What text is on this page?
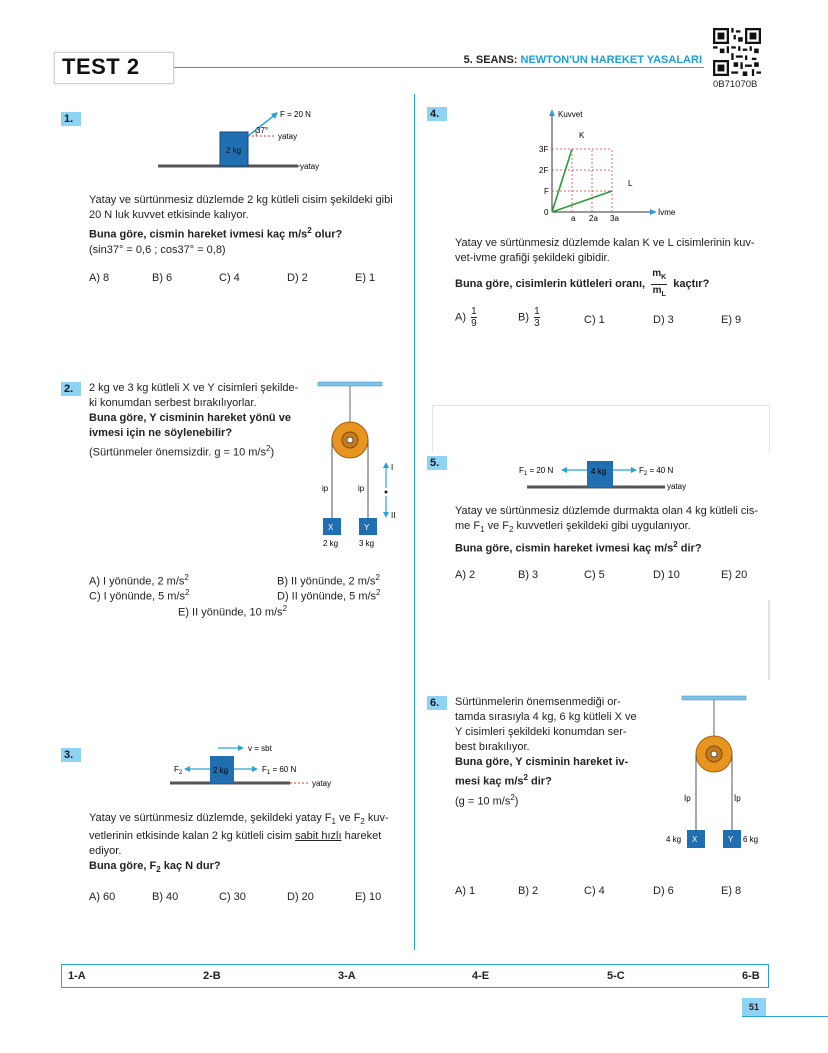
TEST 2	5. SEANS: NEWTON'UN HAREKET YASALARI
0B71070B
1.
2 kg
F = 20 N
37°
yatay
yatay
Yatay ve sürtünmesiz düzlemde 2 kg kütleli cisim şekildeki gibi
20 N luk kuvvet etkisinde kalıyor.
Buna göre, cismin hareket ivmesi kaç $m/s^2$ olur?
(sin37° = 0,6 ; cos37° = 0,8)
A) 8	B) 6	C) 4	D) 2	E) 1
2.	2 kg ve 3 kg kütleli X ve Y cisimleri şekilde-
ki konumdan serbest bırakılıyorlar.
Buna göre, Y cisminin hareket yönü ve
ivmesi için ne söylenebilir?
(Sürtünmeler önemsizdir. g = 10 $m/s^2$)
ip	ip
X	Y
2 kg	3 kg
I
II
A) I yönünde, 2 $m/s^2$	B) II yönünde, 2 $m/s^2$
C) I yönünde, 5 $m/s^2$	D) II yönünde, 5 $m/s^2$
E) II yönünde, 10 $m/s^2$
3.
2 kg
v = sbt
$F_2$	$F_1 = 60$ N
yatay
Yatay ve sürtünmesiz düzlemde, şekildeki yatay $F_1$ ve $F_2$ kuv-
vetlerinin etkisinde kalan 2 kg kütleli cisim sabit hızlı hareket
ediyor.
Buna göre, $F_2$ kaç N dur?
A) 60	B) 40	C) 30	D) 20	E) 10
4.	Kuvvet
İvme
3F
2F
F
0
a 2a 3a
K
L
Yatay ve sürtünmesiz düzlemde kalan K ve L cisimlerinin kuv-
vet-ivme grafiği şekildeki gibidir.
Buna göre, cisimlerin kütleleri oranı, $\frac{m_K}{m_L}$ kaçtır?
$A) \frac{1}{9}$	$B) \frac{1}{3}$	C) 1	D) 3	E) 9
5.
4 kg
$F_1 = 20$ N	$F_2 = 40$ N
yatay
Yatay ve sürtünmesiz düzlemde durmakta olan 4 kg kütleli cis-
me $F_1$ ve $F_2$ kuvvetleri şekildeki gibi uygulanıyor.
Buna göre, cismin hareket ivmesi kaç $m/s^2$ dir?
A) 2	B) 3	C) 5	D) 10	E) 20
6.	Sürtünmelerin önemsenmediği or-
tamda sırasıyla 4 kg, 6 kg kütleli X ve
Y cisimleri şekildeki konumdan ser-
best bırakılıyor.
Buna göre, Y cisminin hareket iv-
mesi kaç $m/s^2$ dir?
(g = 10 $m/s^2$)	İp	İp
X	Y
4 kg	6 kg
A) 1	B) 2	C) 4	D) 6	E) 8
1-A	2-B	3-A	4-E	5-C	6-B
51
